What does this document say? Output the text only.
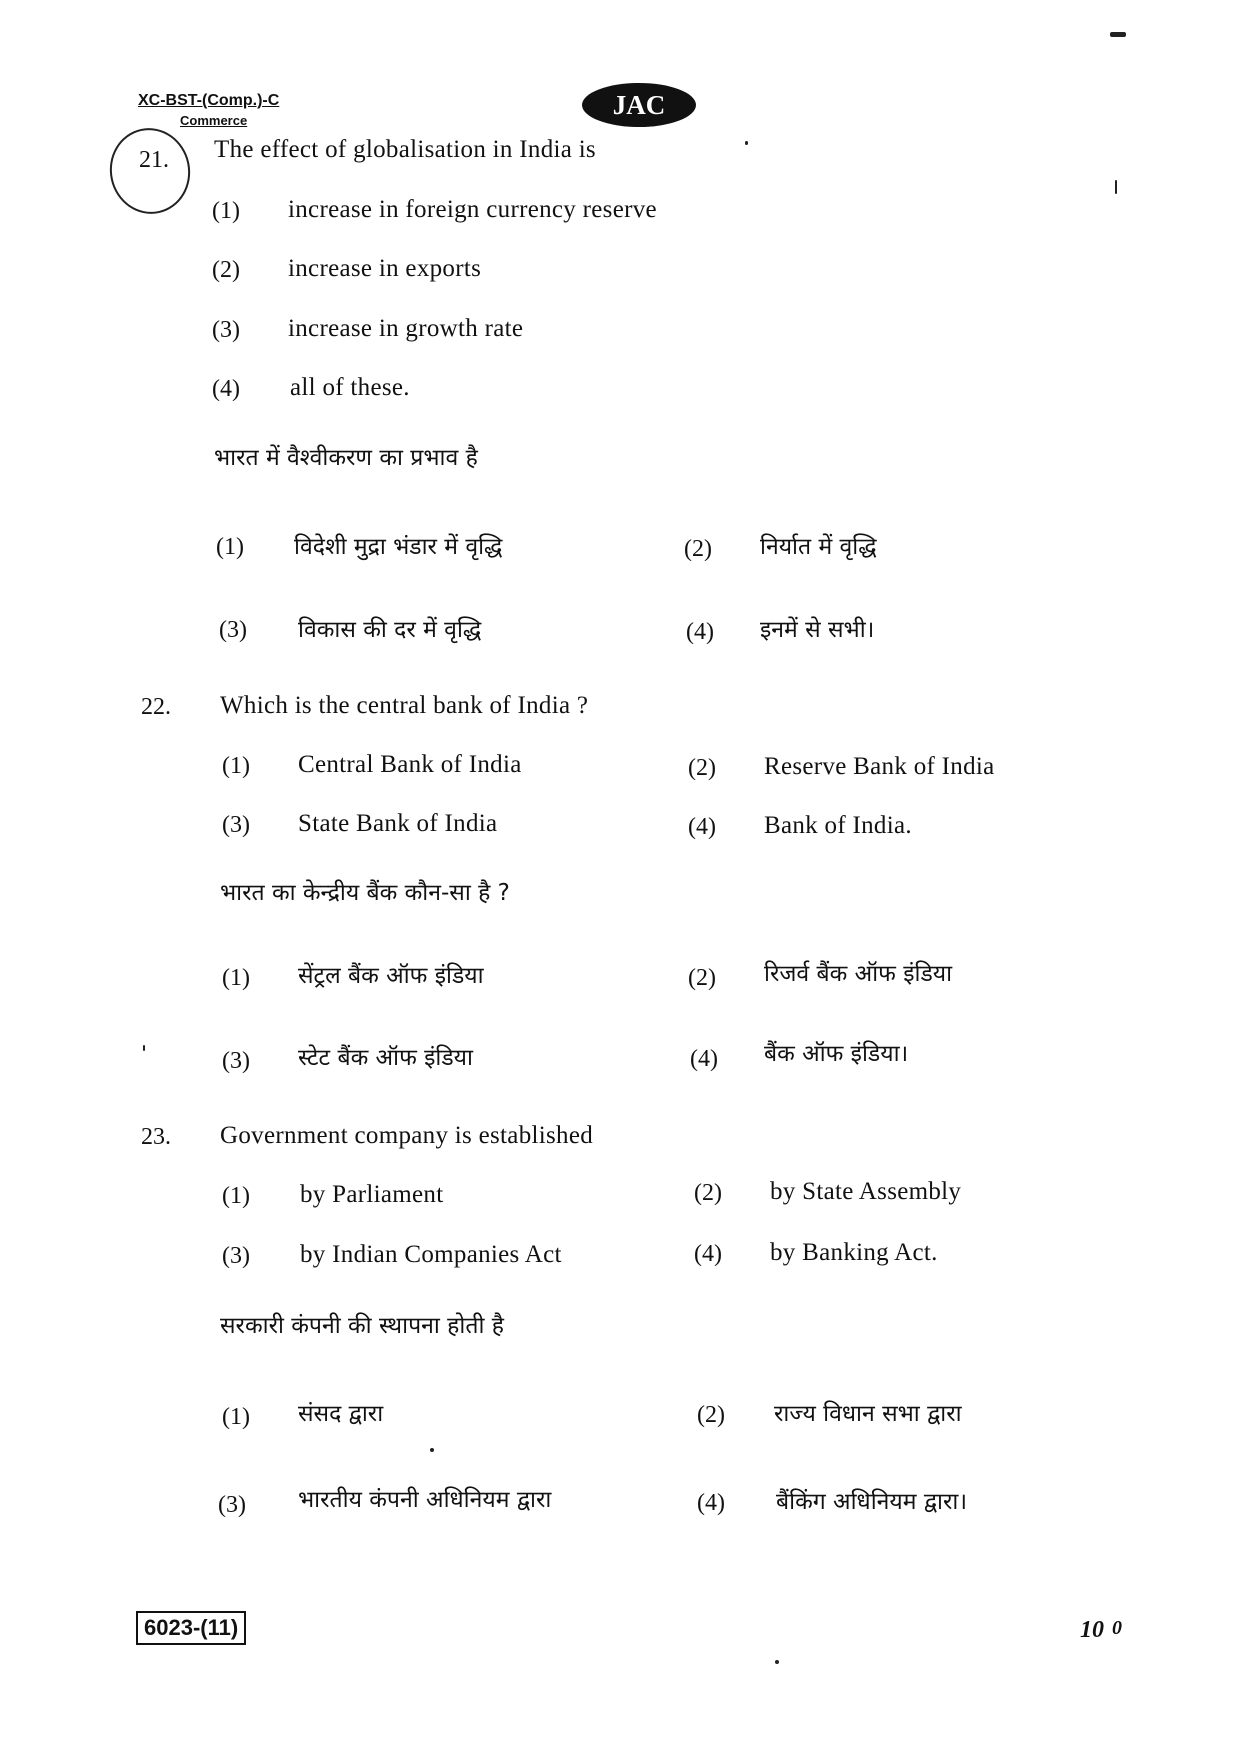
XC-BST-(Comp.)-C
Commerce
JAC
21. The effect of globalisation in India is
(1) increase in foreign currency reserve
(2) increase in exports
(3) increase in growth rate
(4) all of these.
भारत में वैश्वीकरण का प्रभाव है
(1) विदेशी मुद्रा भंडार में वृद्धि	(2) निर्यात में वृद्धि
(3) विकास की दर में वृद्धि	(4) इनमें से सभी।
22. Which is the central bank of India ?
(1) Central Bank of India	(2) Reserve Bank of India
(3) State Bank of India	(4) Bank of India.
भारत का केन्द्रीय बैंक कौन-सा है ?
(1) सेंट्रल बैंक ऑफ इंडिया	(2) रिजर्व बैंक ऑफ इंडिया
(3) स्टेट बैंक ऑफ इंडिया	(4) बैंक ऑफ इंडिया।
23. Government company is established
(1) by Parliament	(2) by State Assembly
(3) by Indian Companies Act	(4) by Banking Act.
सरकारी कंपनी की स्थापना होती है
(1) संसद द्वारा	(2) राज्य विधान सभा द्वारा
(3) भारतीय कंपनी अधिनियम द्वारा	(4) बैंकिंग अधिनियम द्वारा।
6023-(11)	10 0
